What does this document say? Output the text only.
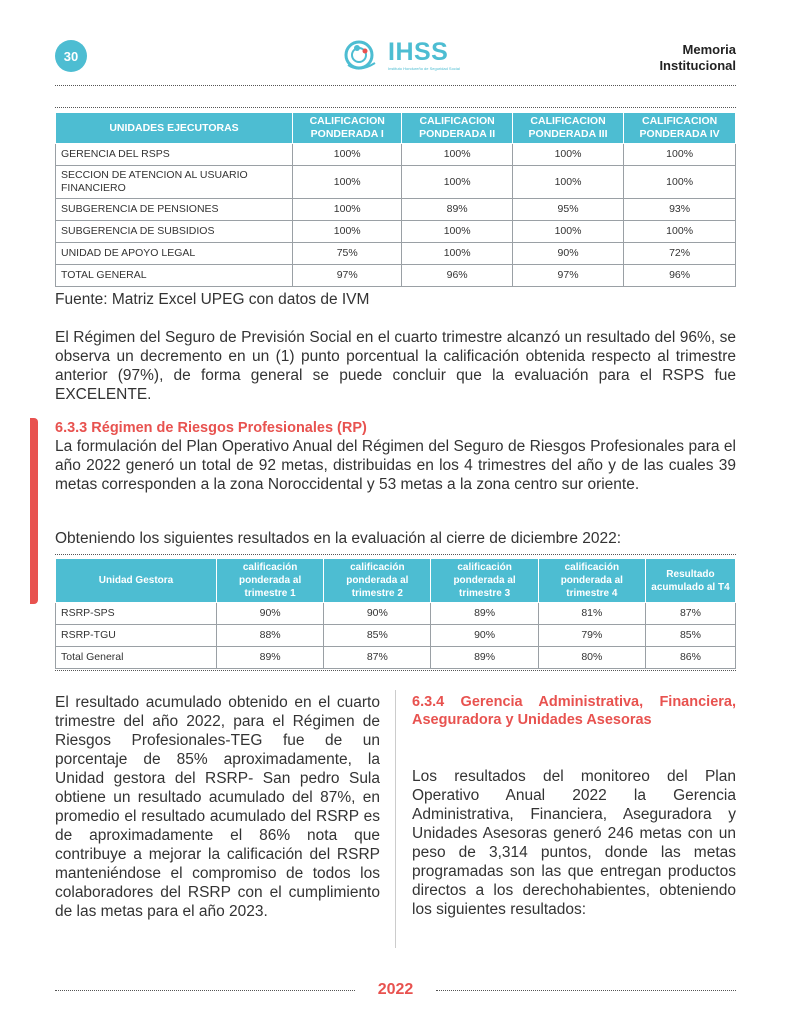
30	IHSS
Instituto Hondureño de Seguridad Social
Memoria
Institucional
UNIDADES EJECUTORAS	CALIFICACION PONDERADA I	CALIFICACION PONDERADA II	CALIFICACION PONDERADA III	CALIFICACION PONDERADA IV
GERENCIA DEL RSPS	100%	100%	100%	100%
SECCION DE ATENCION AL USUARIO FINANCIERO	100%	100%	100%	100%
SUBGERENCIA DE PENSIONES	100%	89%	95%	93%
SUBGERENCIA DE SUBSIDIOS	100%	100%	100%	100%
UNIDAD DE APOYO LEGAL	75%	100%	90%	72%
TOTAL GENERAL	97%	96%	97%	96%
Fuente: Matriz Excel UPEG con datos de IVM

El Régimen del Seguro de Previsión Social en el cuarto trimestre alcanzó un resultado del 96%, se observa un decremento en un (1) punto porcentual la calificación obtenida respecto al trimestre anterior (97%), de forma general se puede concluir que la evaluación para el RSPS fue EXCELENTE.

6.3.3 Régimen de Riesgos Profesionales (RP)

La formulación del Plan Operativo Anual del Régimen del Seguro de Riesgos Profesionales para el año 2022 generó un total de 92 metas, distribuidas en los 4 trimestres del año y de las cuales 39 metas corresponden a la zona Noroccidental y 53 metas a la zona centro sur oriente.

Obteniendo los siguientes resultados en la evaluación al cierre de diciembre 2022:

Unidad Gestora	calificación ponderada al trimestre 1	calificación ponderada al trimestre 2	calificación ponderada al trimestre 3	calificación ponderada al trimestre 4	Resultado acumulado al T4
RSRP-SPS	90%	90%	89%	81%	87%
RSRP-TGU	88%	85%	90%	79%	85%
Total General	89%	87%	89%	80%	86%

El resultado acumulado obtenido en el cuarto trimestre del año 2022, para el Régimen de Riesgos Profesionales-TEG fue de un porcentaje de 85% aproximadamente, la Unidad gestora del RSRP- San pedro Sula obtiene un resultado acumulado del 87%, en promedio el resultado acumulado del RSRP es de aproximadamente el 86% nota que contribuye a mejorar la calificación del RSRP manteniéndose el compromiso de todos los colaboradores del RSRP con el cumplimiento de las metas para el año 2023.

6.3.4 Gerencia Administrativa, Financiera, Aseguradora y Unidades Asesoras

Los resultados del monitoreo del Plan Operativo Anual 2022 la Gerencia Administrativa, Financiera, Aseguradora y Unidades Asesoras generó 246 metas con un peso de 3,314 puntos, donde las metas programadas son las que entregan productos directos a los derechohabientes, obteniendo los siguientes resultados:

2022
